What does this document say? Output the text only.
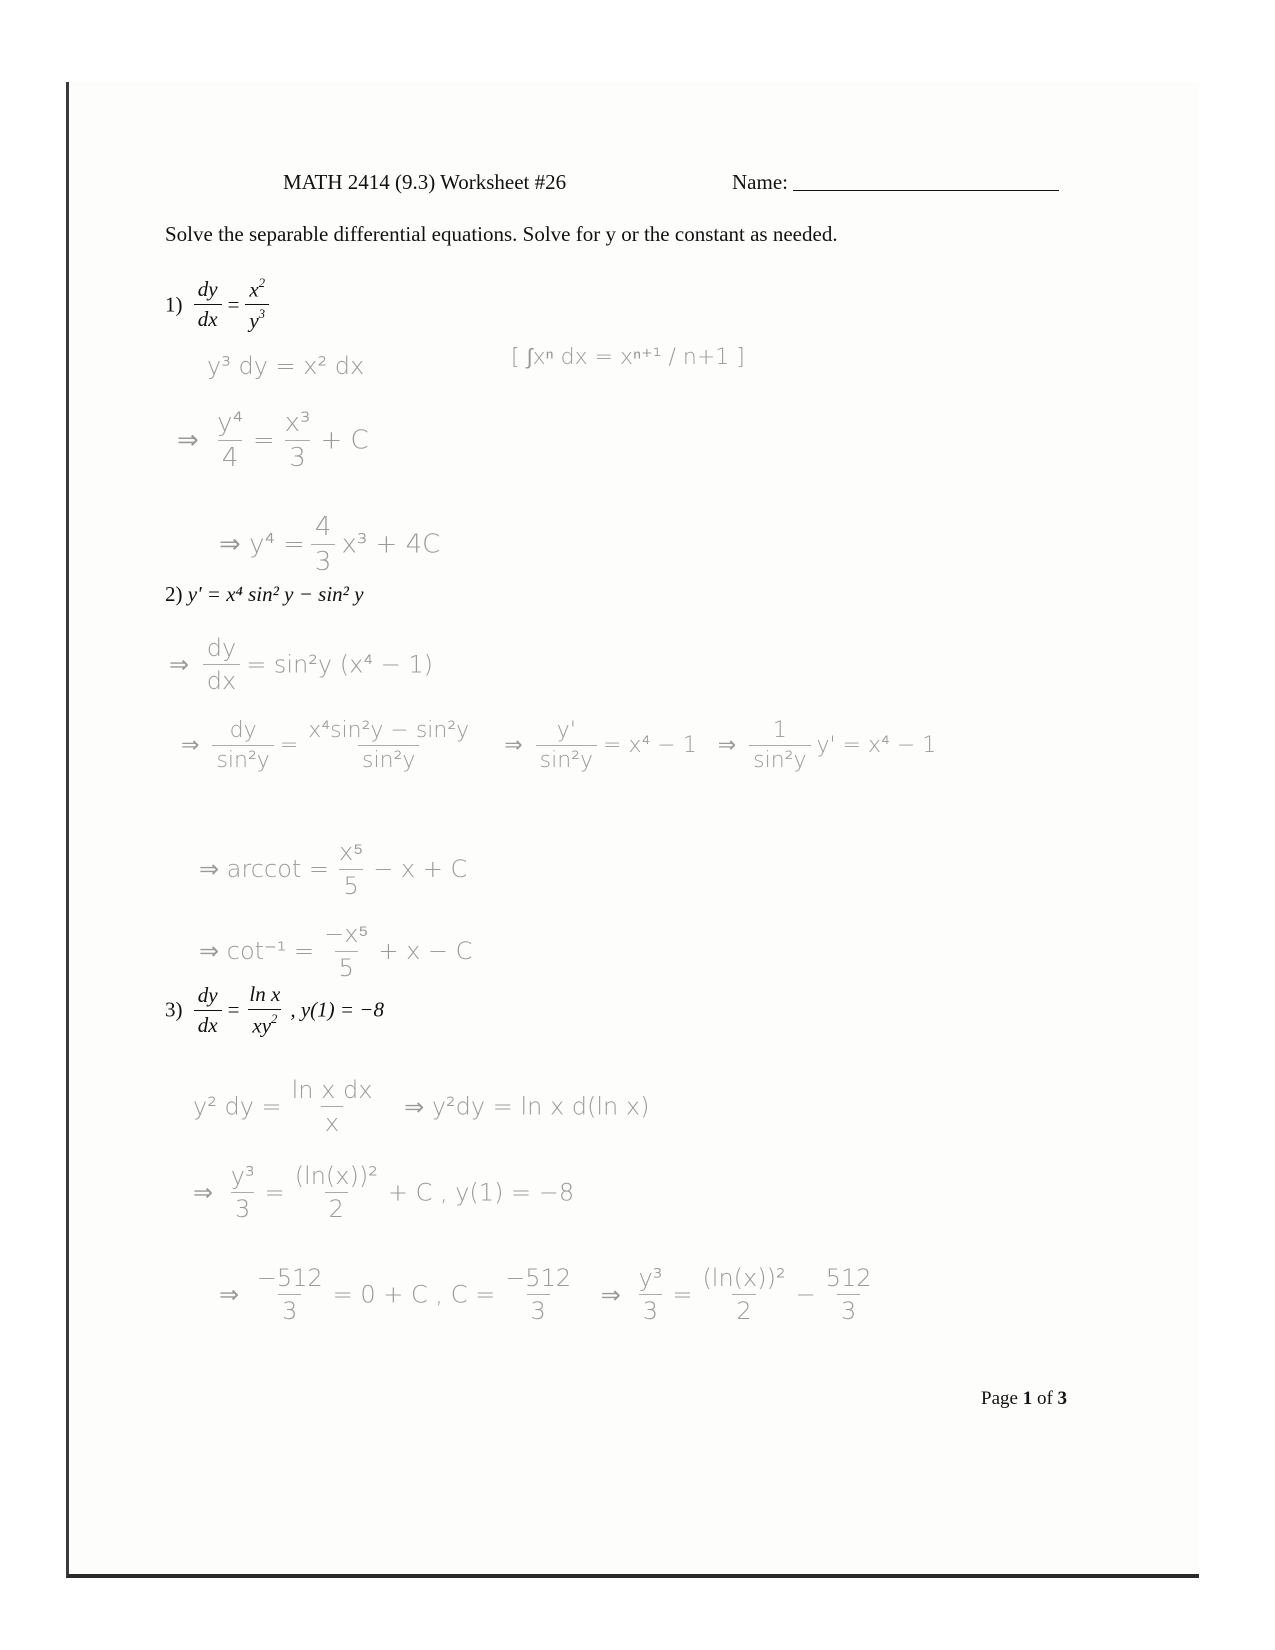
MATH 2414 (9.3) Worksheet #26	Name:
Solve the separable differential equations. Solve for y or the constant as needed.
$1) \frac{dy}{dx} = \frac{x^2}{y^3}$
y³ dy = x² dx	[ ∫xⁿ dx = xⁿ⁺¹ / n+1 ]
⇒ $\frac{\text{y⁴}}{4} = \frac{\text{x³}}{3} + C$
⇒ $y^4 = \frac{4}{3} x^3 + 4C$
2) y' = x⁴ sin² y − sin² y
⇒ $\frac{dy}{dx} = \sin^2y$ (x⁴ − 1)
⇒ $\frac{dy}{\text{sin²y}} = \frac{\text{x⁴sin²y − sin²y}}{\text{sin²y}}$ ⇒ $\frac{y'}{\text{sin²y}} = x^4 - 1$ ⇒ $\frac{1}{\text{sin²y}} y' = x^4 - 1$
⇒ $arccot = \frac{\text{x⁵}}{5} - x + C$
⇒ $\cot^{-1} = \frac{\text{−x⁵}}{5} + x - C$
$3) \frac{dy}{dx} = \frac{\text{ln x}}{xy^2}$ , y(1) = −8
y² dy = $\frac{\text{ln x dx}}{x}$ ⇒ y²dy = ln x d(ln x)
⇒ $\frac{\text{y³}}{3} = \frac{\text{(ln(x))²}}{2} + C$ , y(1) = −8
⇒ $\frac{-512}{3} = 0 + C$ , $C = \frac{-512}{3}$ ⇒ $\frac{\text{y³}}{3} = \frac{\text{(ln(x))²}}{2} - \frac{512}{3}$
Page 1 of 3
